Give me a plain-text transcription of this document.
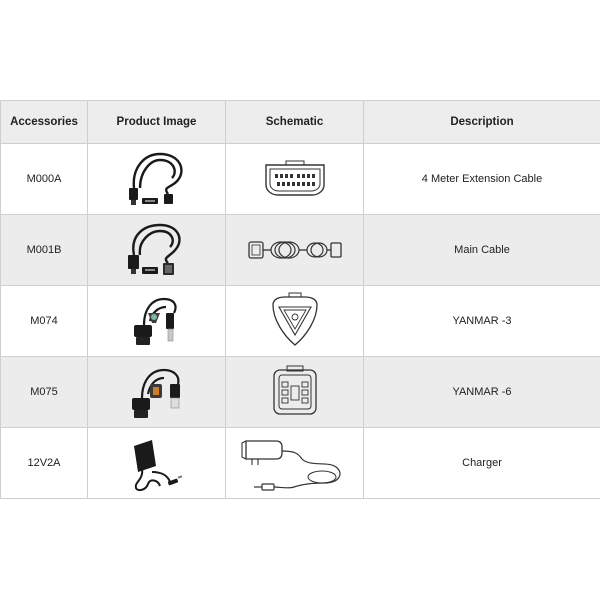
Accessories	Product Image	Schematic	Description
M000A			4 Meter Extension Cable
M001B			Main Cable
M074			YANMAR -3
M075			YANMAR -6
12V2A			Charger
